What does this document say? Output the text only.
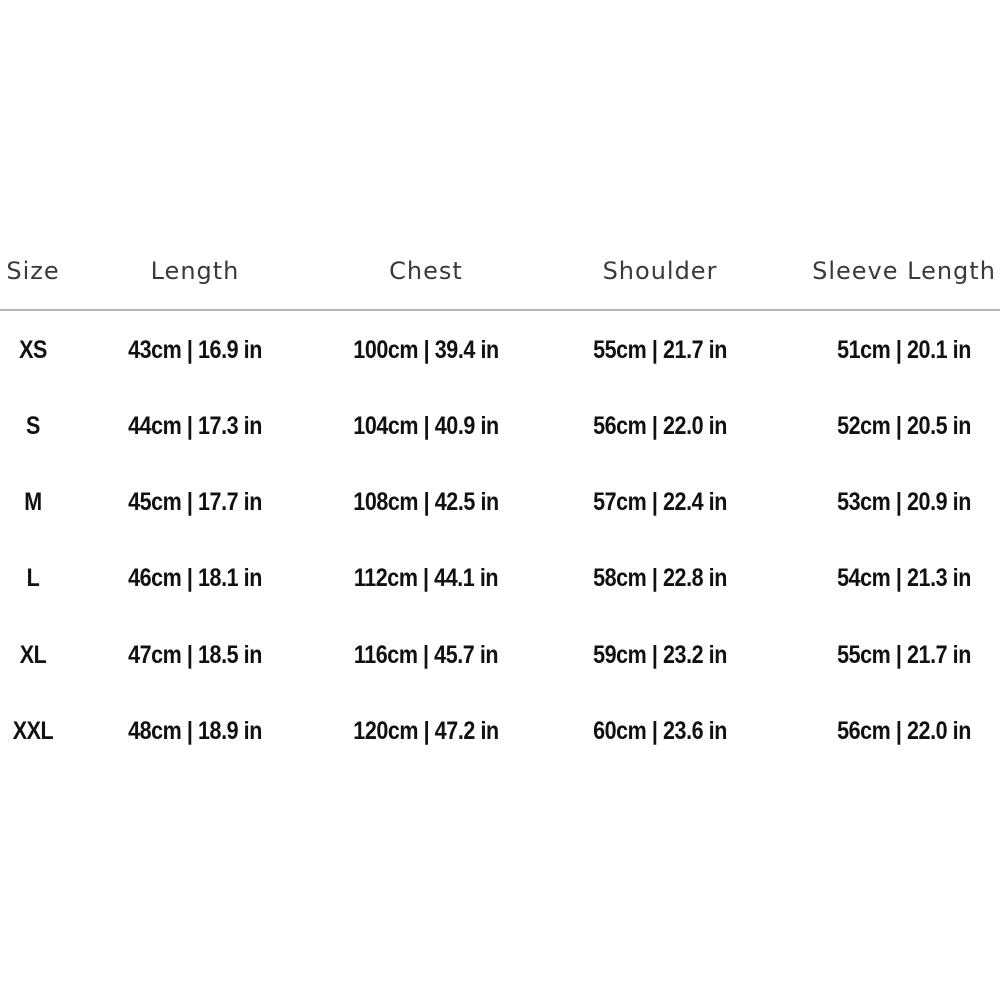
Size	Length	Chest	Shoulder	Sleeve Length
XS	43cm | 16.9 in	100cm | 39.4 in	55cm | 21.7 in	51cm | 20.1 in
S	44cm | 17.3 in	104cm | 40.9 in	56cm | 22.0 in	52cm | 20.5 in
M	45cm | 17.7 in	108cm | 42.5 in	57cm | 22.4 in	53cm | 20.9 in
L	46cm | 18.1 in	112cm | 44.1 in	58cm | 22.8 in	54cm | 21.3 in
XL	47cm | 18.5 in	116cm | 45.7 in	59cm | 23.2 in	55cm | 21.7 in
XXL	48cm | 18.9 in	120cm | 47.2 in	60cm | 23.6 in	56cm | 22.0 in
